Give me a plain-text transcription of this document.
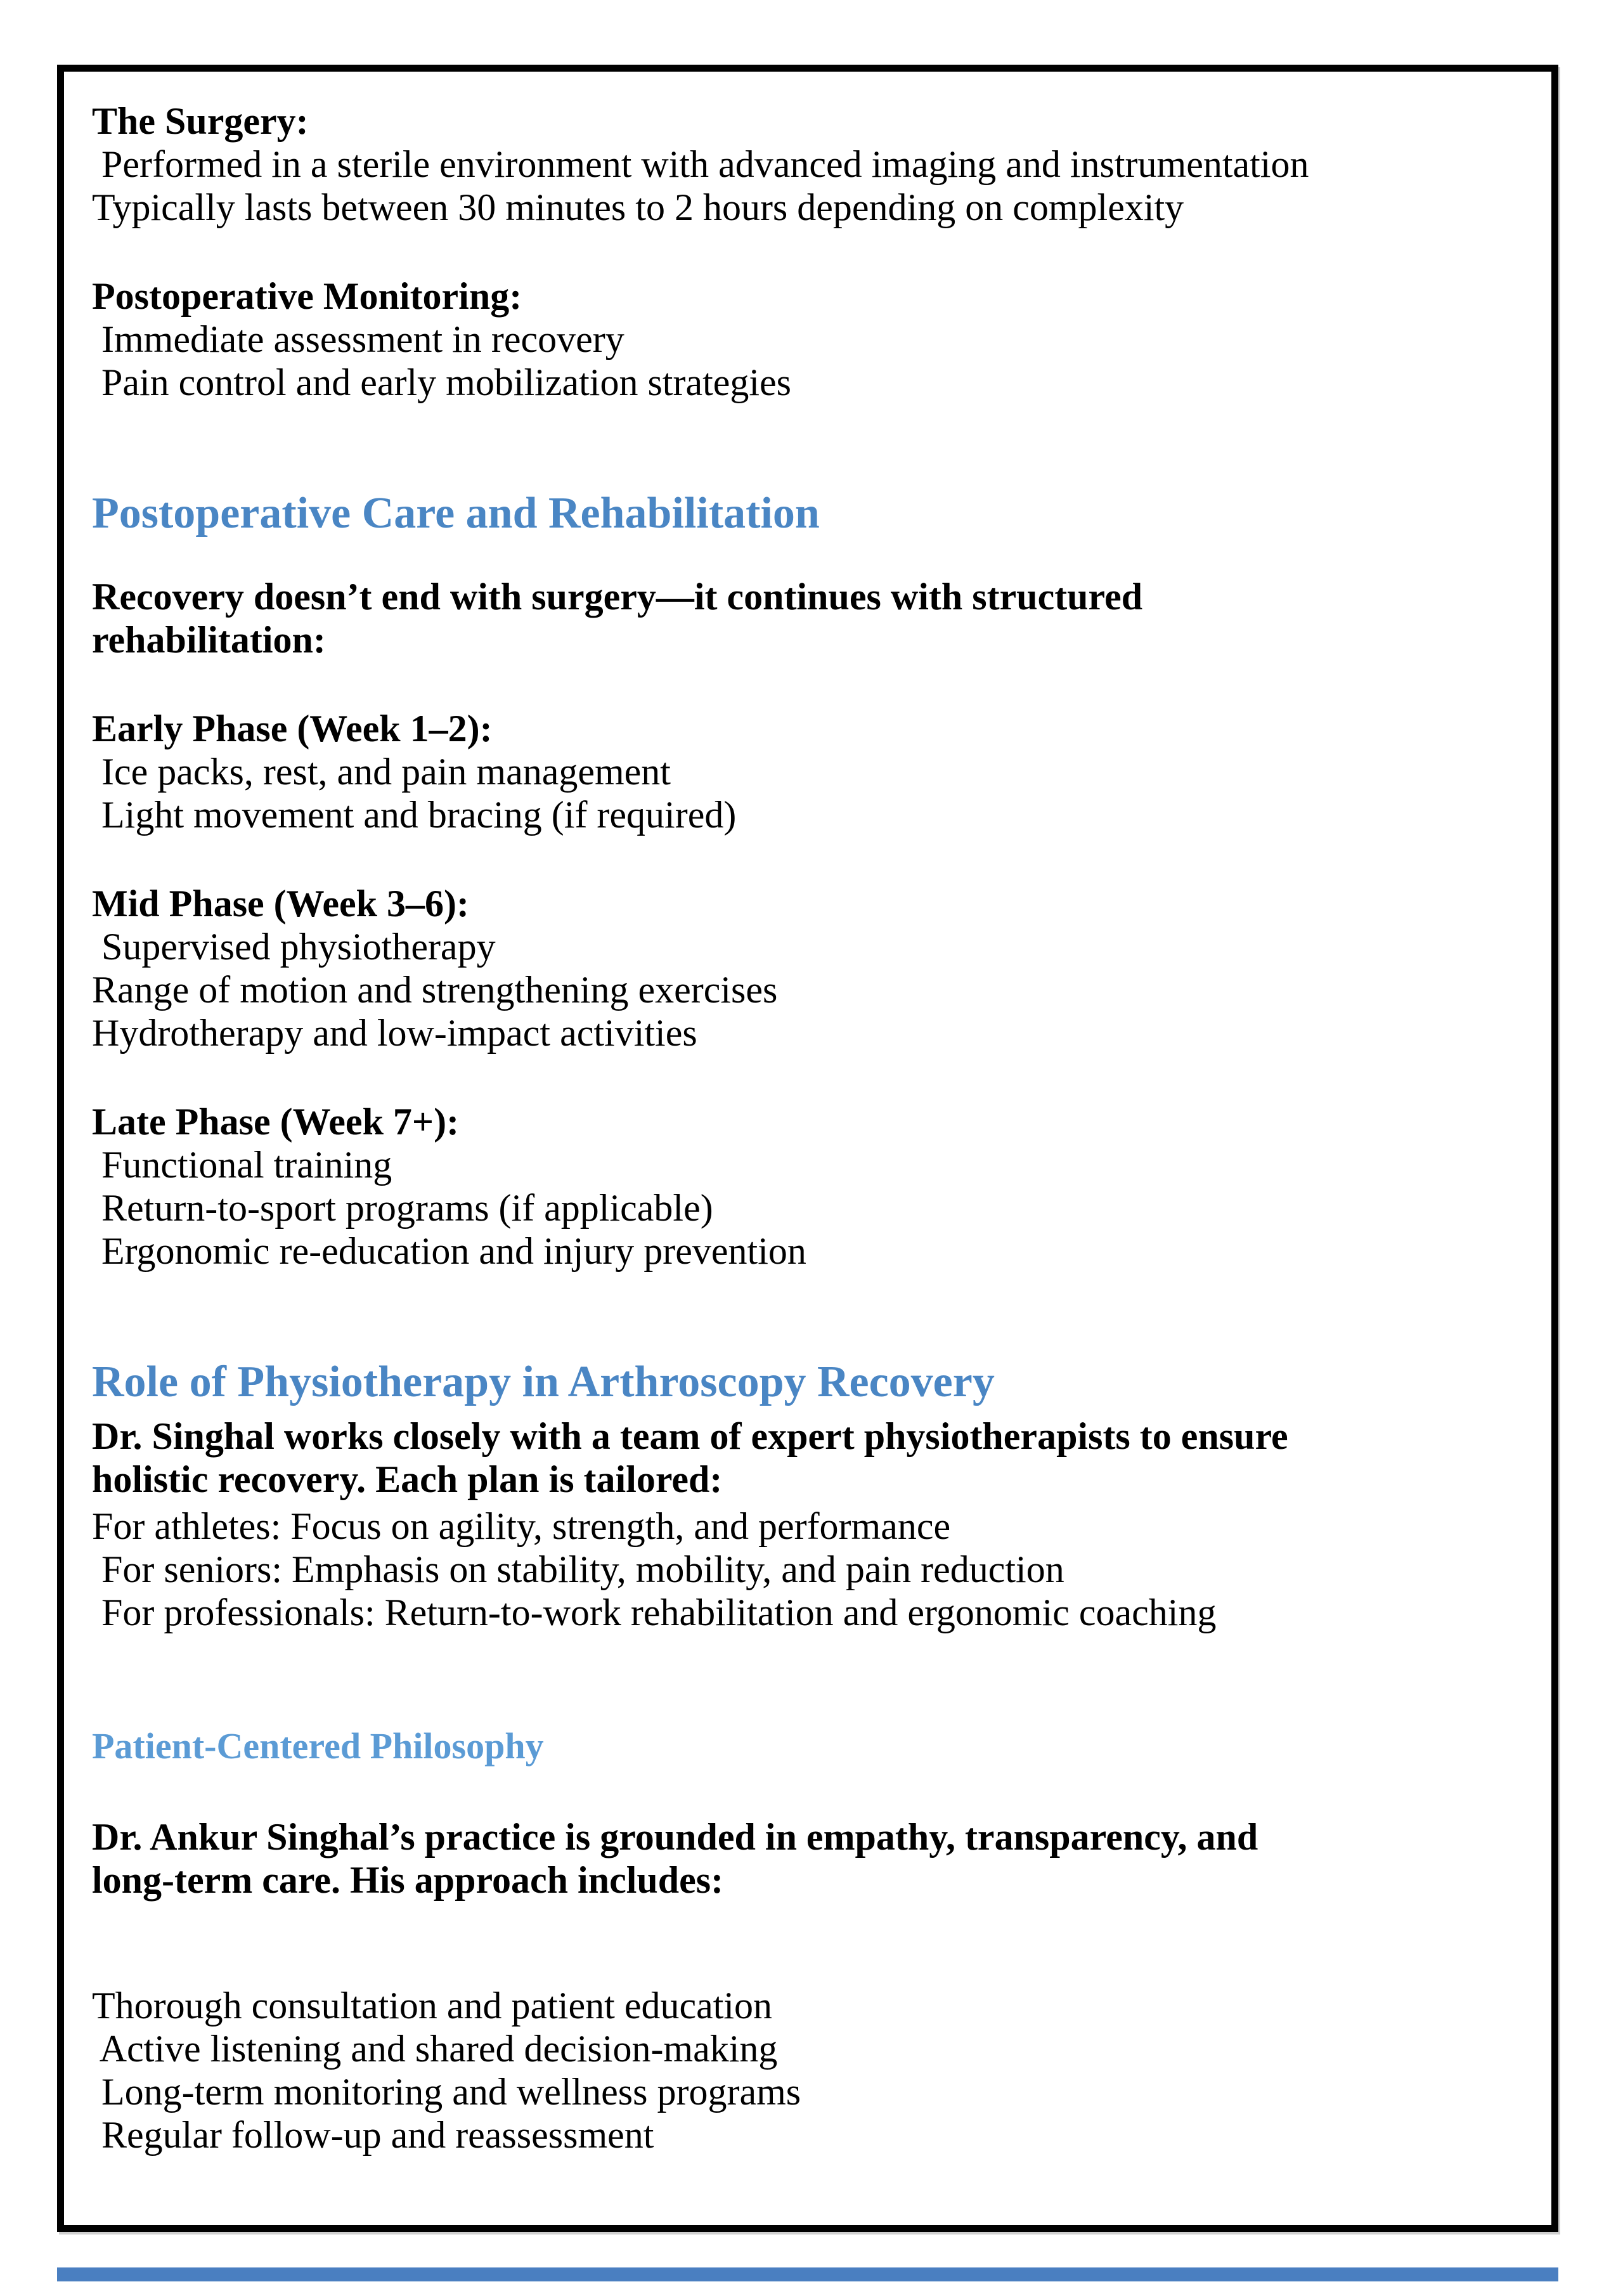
The Surgery:
Performed in a sterile environment with advanced imaging and instrumentation
Typically lasts between 30 minutes to 2 hours depending on complexity
Postoperative Monitoring:
Immediate assessment in recovery
Pain control and early mobilization strategies
Postoperative Care and Rehabilitation
Recovery doesn’t end with surgery—it continues with structured
rehabilitation:
Early Phase (Week 1–2):
Ice packs, rest, and pain management
Light movement and bracing (if required)
Mid Phase (Week 3–6):
Supervised physiotherapy
Range of motion and strengthening exercises
Hydrotherapy and low-impact activities
Late Phase (Week 7+):
Functional training
Return-to-sport programs (if applicable)
Ergonomic re-education and injury prevention
Role of Physiotherapy in Arthroscopy Recovery
Dr. Singhal works closely with a team of expert physiotherapists to ensure
holistic recovery. Each plan is tailored:
For athletes: Focus on agility, strength, and performance
For seniors: Emphasis on stability, mobility, and pain reduction
For professionals: Return-to-work rehabilitation and ergonomic coaching
Patient-Centered Philosophy
Dr. Ankur Singhal’s practice is grounded in empathy, transparency, and
long-term care. His approach includes:
Thorough consultation and patient education
Active listening and shared decision-making
Long-term monitoring and wellness programs
Regular follow-up and reassessment
